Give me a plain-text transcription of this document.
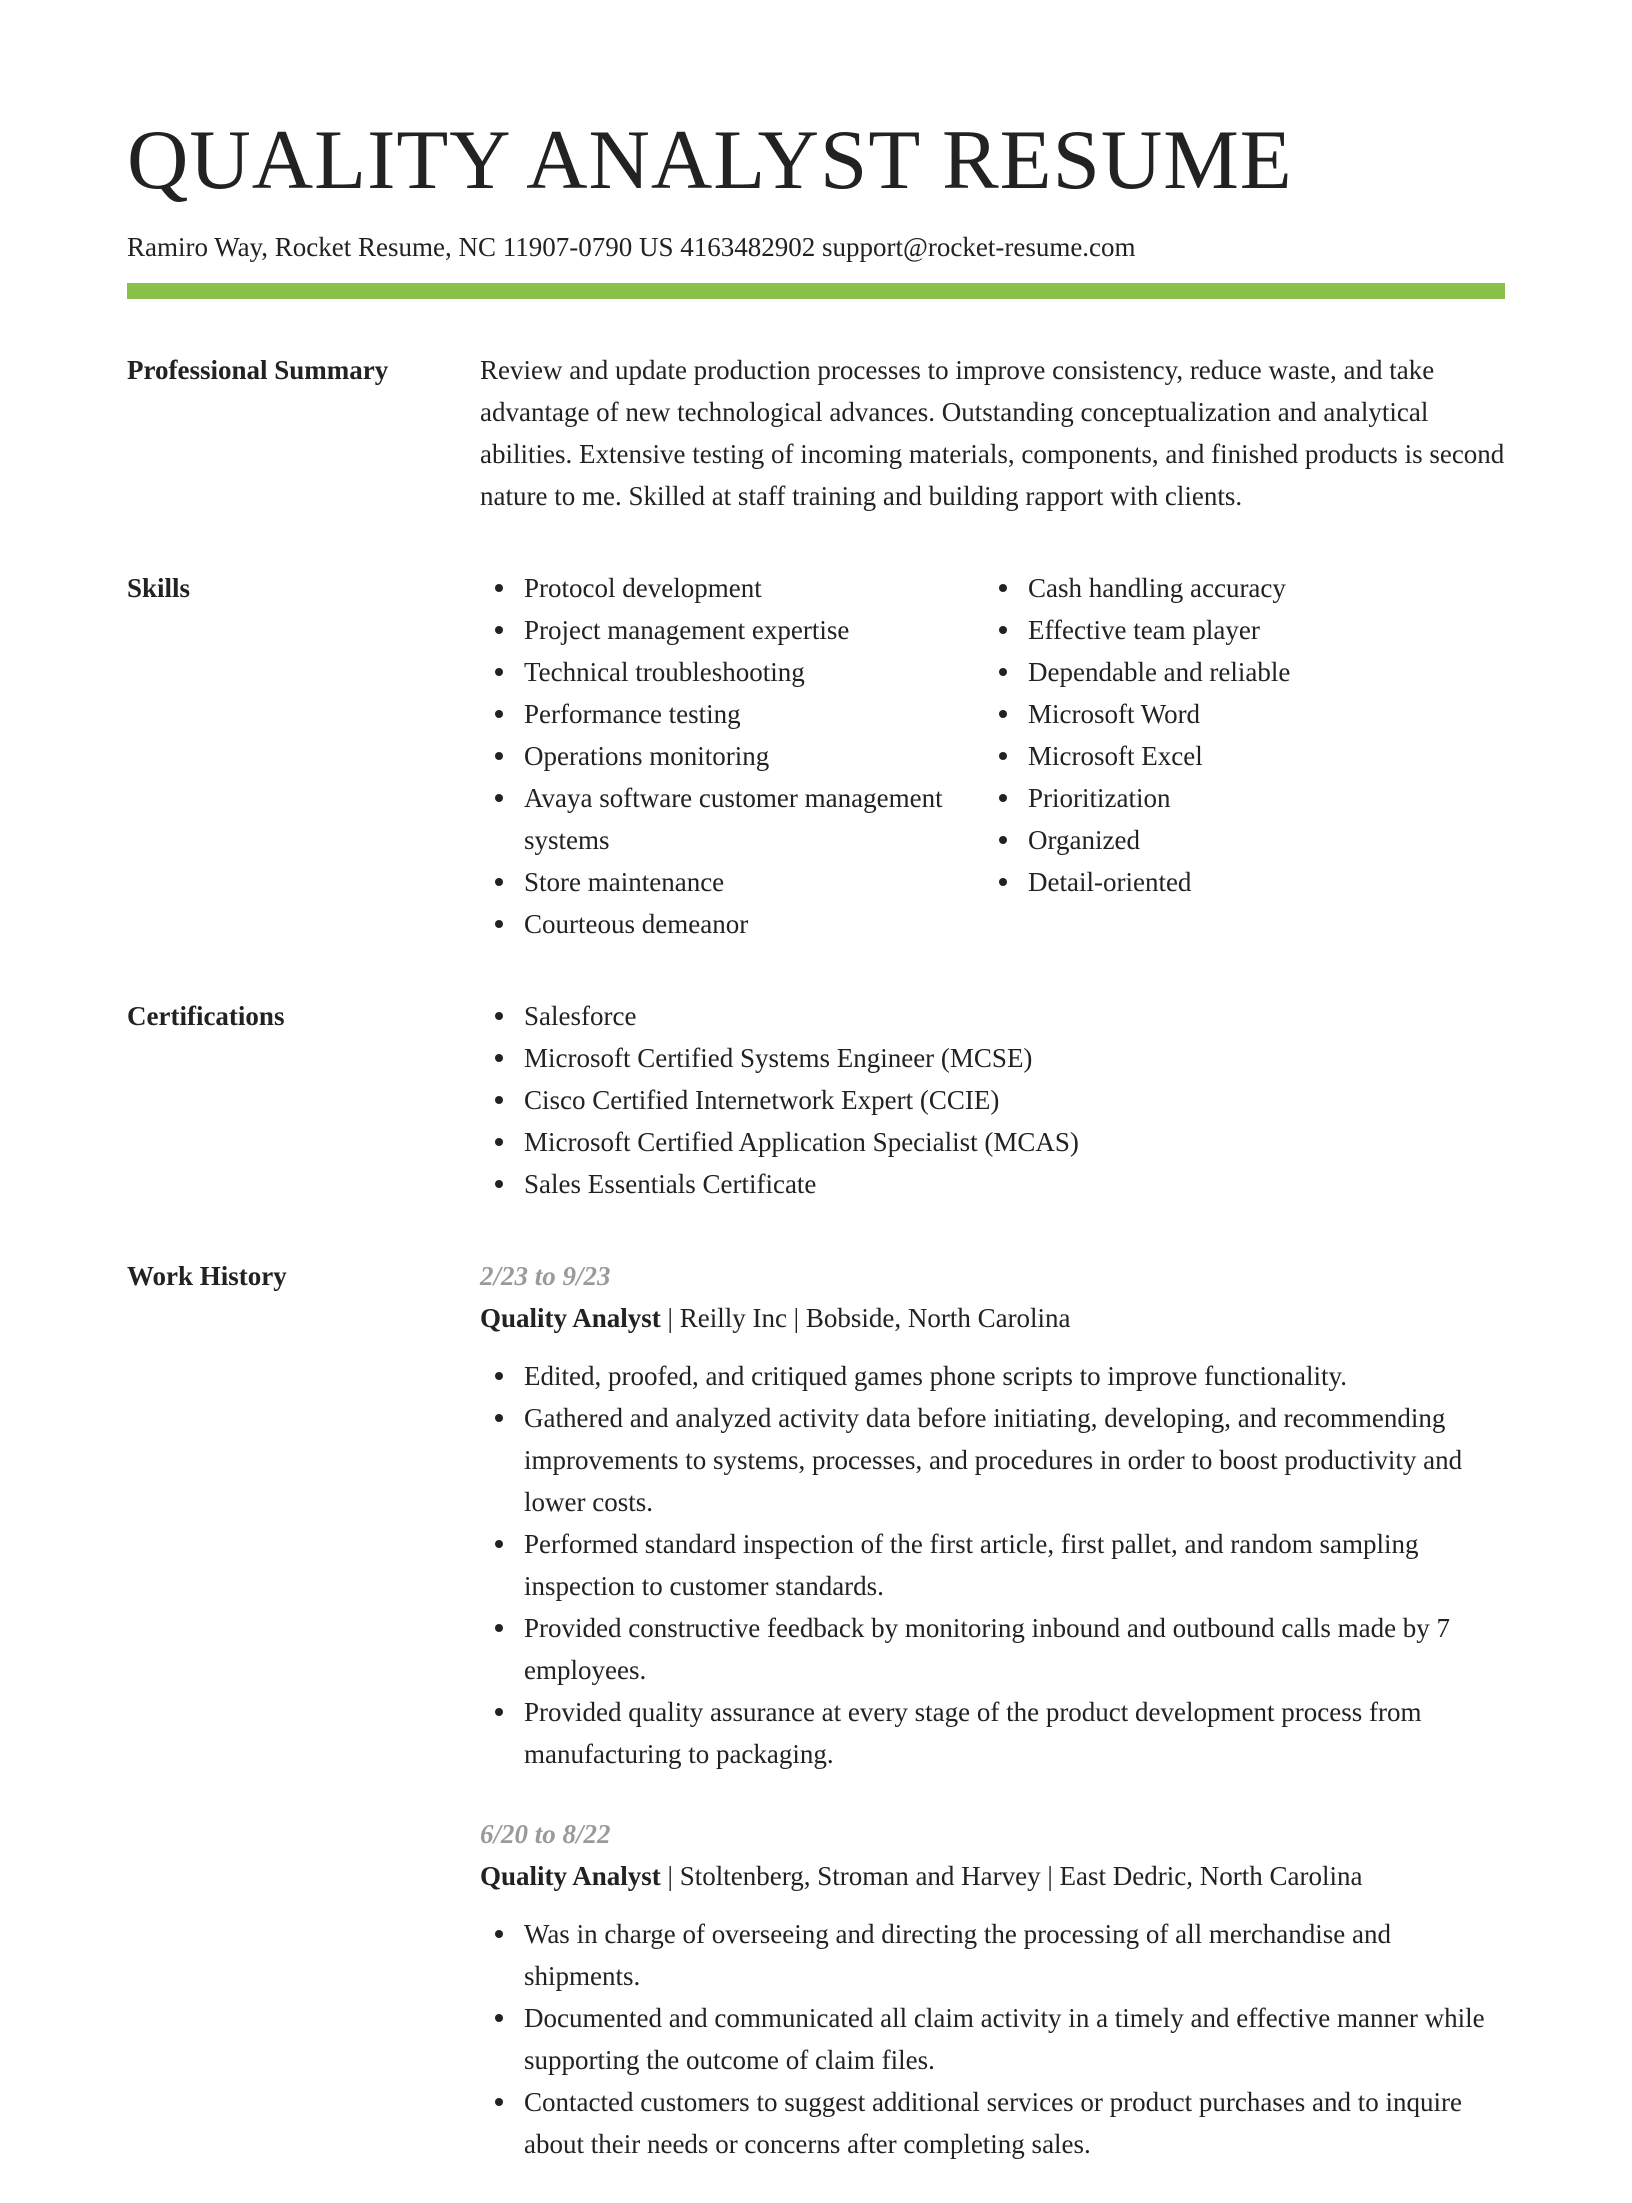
QUALITY ANALYST RESUME
Ramiro Way, Rocket Resume, NC 11907-0790 US 4163482902 support@rocket-resume.com
Professional Summary	Review and update production processes to improve consistency, reduce waste, and take advantage of new technological advances. Outstanding conceptualization and analytical abilities. Extensive testing of incoming materials, components, and finished products is second nature to me. Skilled at staff training and building rapport with clients.

Skills	Protocol development
Project management expertise
Technical troubleshooting
Performance testing
Operations monitoring
Avaya software customer management systems
Store maintenance
Courteous demeanor
Cash handling accuracy
Effective team player
Dependable and reliable
Microsoft Word
Microsoft Excel
Prioritization
Organized
Detail-oriented
Certifications	Salesforce
Microsoft Certified Systems Engineer (MCSE)
Cisco Certified Internetwork Expert (CCIE)
Microsoft Certified Application Specialist (MCAS)
Sales Essentials Certificate
Work History	2/23 to 9/23
Quality Analyst | Reilly Inc | Bobside, North Carolina
Edited, proofed, and critiqued games phone scripts to improve functionality.
Gathered and analyzed activity data before initiating, developing, and recommending improvements to systems, processes, and procedures in order to boost productivity and lower costs.
Performed standard inspection of the first article, first pallet, and random sampling inspection to customer standards.
Provided constructive feedback by monitoring inbound and outbound calls made by 7 employees.
Provided quality assurance at every stage of the product development process from manufacturing to packaging.
6/20 to 8/22
Quality Analyst | Stoltenberg, Stroman and Harvey | East Dedric, North Carolina
Was in charge of overseeing and directing the processing of all merchandise and shipments.
Documented and communicated all claim activity in a timely and effective manner while supporting the outcome of claim files.
Contacted customers to suggest additional services or product purchases and to inquire about their needs or concerns after completing sales.
